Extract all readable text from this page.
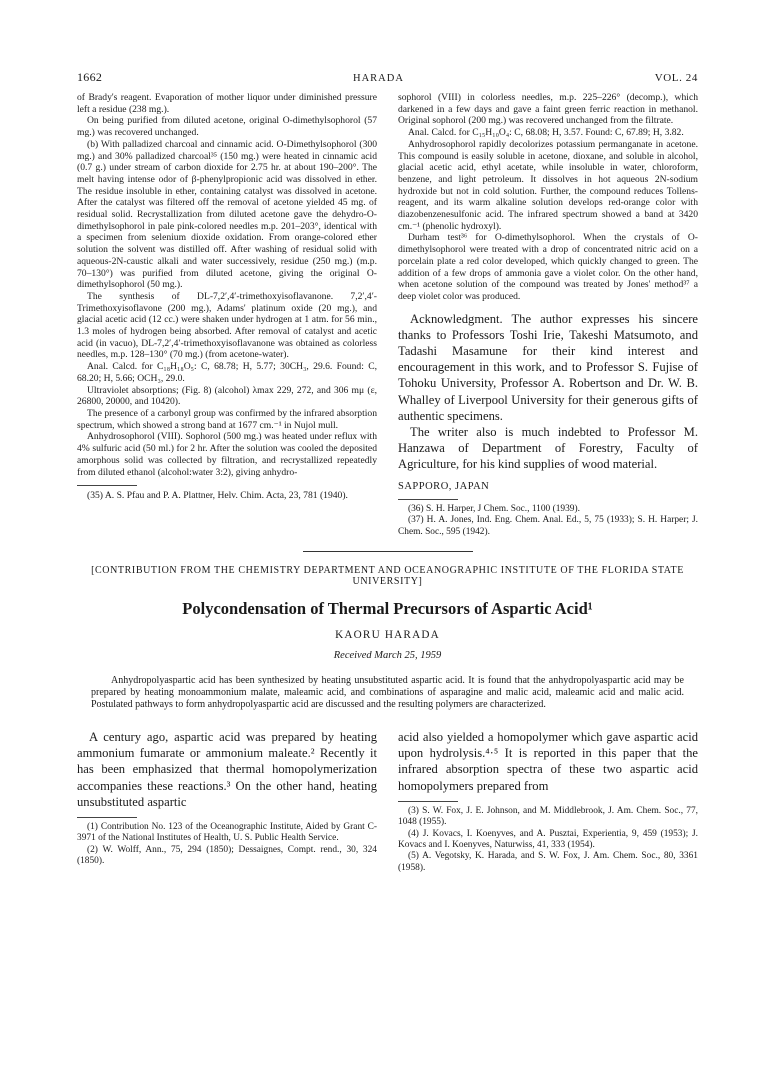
1662	HARADA	VOL. 24

of Brady's reagent. Evaporation of mother liquor under diminished pressure left a residue (238 mg.).

On being purified from diluted acetone, original O-dimethylsophorol (57 mg.) was recovered unchanged.

(b) With palladized charcoal and cinnamic acid. O-Dimethylsophorol (300 mg.) and 30% palladized charcoal³⁵ (150 mg.) were heated in cinnamic acid (0.7 g.) under stream of carbon dioxide for 2.75 hr. at about 190–200°. The melt having intense odor of β-phenylpropionic acid was dissolved in ether. The residue insoluble in ether, containing catalyst was dissolved in acetone. After the catalyst was filtered off the removal of acetone yielded 45 mg. of residual solid. Recrystallization from diluted acetone gave the dehydro-O-dimethylsophorol in pale pink-colored needles m.p. 201–203°, identical with a specimen from selenium dioxide oxidation. From orange-colored ether solution the solvent was distilled off. After washing of residual solid with aqueous-2N-caustic alkali and water successively, residue (250 mg.) (m.p. 70–130°) was purified from diluted acetone, giving the original O-dimethylsophorol (50 mg.).

The synthesis of DL-7,2′,4′-trimethoxyisoflavanone. 7,2′,4′-Trimethoxyisoflavone (200 mg.), Adams' platinum oxide (20 mg.), and glacial acetic acid (12 cc.) were shaken under hydrogen at 1 atm. for 56 min., 1.3 moles of hydrogen being absorbed. After removal of catalyst and acetic acid (in vacuo), DL-7,2′,4′-trimethoxyisoflavanone was obtained as colorless needles, m.p. 128–130° (70 mg.) (from acetone-water).

Anal. Calcd. for C₁₈H₁₈O₅: C, 68.78; H, 5.77; 30CH₃, 29.6. Found: C, 68.20; H, 5.66; OCH₃, 29.0.

Ultraviolet absorptions; (Fig. 8) (alcohol) λmax 229, 272, and 306 mμ (ε, 26800, 20000, and 10420).

The presence of a carbonyl group was confirmed by the infrared absorption spectrum, which showed a strong band at 1677 cm.⁻¹ in Nujol mull.

Anhydrosophorol (VIII). Sophorol (500 mg.) was heated under reflux with 4% sulfuric acid (50 ml.) for 2 hr. After the solution was cooled the deposited amorphous solid was collected by filtration, and recrystallized repeatedly from diluted ethanol (alcohol:water 3:2), giving anhydro-

(35) A. S. Pfau and P. A. Plattner, Helv. Chim. Acta, 23, 781 (1940).

sophorol (VIII) in colorless needles, m.p. 225–226° (decomp.), which darkened in a few days and gave a faint green ferric reaction in methanol. Original sophorol (200 mg.) was recovered unchanged from the filtrate.

Anal. Calcd. for C₁₅H₁₀O₄: C, 68.08; H, 3.57. Found: C, 67.89; H, 3.82.

Anhydrosophorol rapidly decolorizes potassium permanganate in acetone. This compound is easily soluble in acetone, dioxane, and soluble in alcohol, glacial acetic acid, ethyl acetate, while insoluble in water, chloroform, benzene, and light petroleum. It dissolves in hot aqueous 2N-sodium hydroxide but not in cold solution. Further, the compound reduces Tollens-reagent, and its warm alkaline solution develops red-orange color with diazobenzenesulfonic acid. The infrared spectrum showed a band at 3420 cm.⁻¹ (phenolic hydroxyl).

Durham test³⁶ for O-dimethylsophorol. When the crystals of O-dimethylsophorol were treated with a drop of concentrated nitric acid on a porcelain plate a red color developed, which quickly changed to green. The addition of a few drops of ammonia gave a violet color. On the other hand, when acetone solution of the compound was treated by Jones' method³⁷ a deep violet color was produced.

Acknowledgment. The author expresses his sincere thanks to Professors Toshi Irie, Takeshi Matsumoto, and Tadashi Masamune for their kind interest and encouragement in this work, and to Professor S. Fujise of Tohoku University, Professor A. Robertson and Dr. W. B. Whalley of Liverpool University for their generous gifts of authentic specimens.

The writer also is much indebted to Professor M. Hanzawa of Department of Forestry, Faculty of Agriculture, for his kind supplies of wood material.

SAPPORO, JAPAN

(36) S. H. Harper, J Chem. Soc., 1100 (1939).

(37) H. A. Jones, Ind. Eng. Chem. Anal. Ed., 5, 75 (1933); S. H. Harper; J. Chem. Soc., 595 (1942).

[CONTRIBUTION FROM THE CHEMISTRY DEPARTMENT AND OCEANOGRAPHIC INSTITUTE OF THE FLORIDA STATE UNIVERSITY]
Polycondensation of Thermal Precursors of Aspartic Acid¹
KAORU HARADA
Received March 25, 1959

Anhydropolyaspartic acid has been synthesized by heating unsubstituted aspartic acid. It is found that the anhydropolyaspartic acid may be prepared by heating monoammonium malate, maleamic acid, and combinations of asparagine and malic acid, maleamic acid and malic acid. Postulated pathways to form anhydropolyaspartic acid are discussed and the resulting polymers are characterized.

A century ago, aspartic acid was prepared by heating ammonium fumarate or ammonium maleate.² Recently it has been emphasized that thermal homopolymerization accompanies these reactions.³ On the other hand, heating unsubstituted aspartic

(1) Contribution No. 123 of the Oceanographic Institute, Aided by Grant C-3971 of the National Institutes of Health, U. S. Public Health Service.

(2) W. Wolff, Ann., 75, 294 (1850); Dessaignes, Compt. rend., 30, 324 (1850).

acid also yielded a homopolymer which gave aspartic acid upon hydrolysis.⁴·⁵ It is reported in this paper that the infrared absorption spectra of these two aspartic acid homopolymers prepared from

(3) S. W. Fox, J. E. Johnson, and M. Middlebrook, J. Am. Chem. Soc., 77, 1048 (1955).

(4) J. Kovacs, I. Koenyves, and A. Pusztai, Experientia, 9, 459 (1953); J. Kovacs and I. Koenyves, Naturwiss, 41, 333 (1954).

(5) A. Vegotsky, K. Harada, and S. W. Fox, J. Am. Chem. Soc., 80, 3361 (1958).
